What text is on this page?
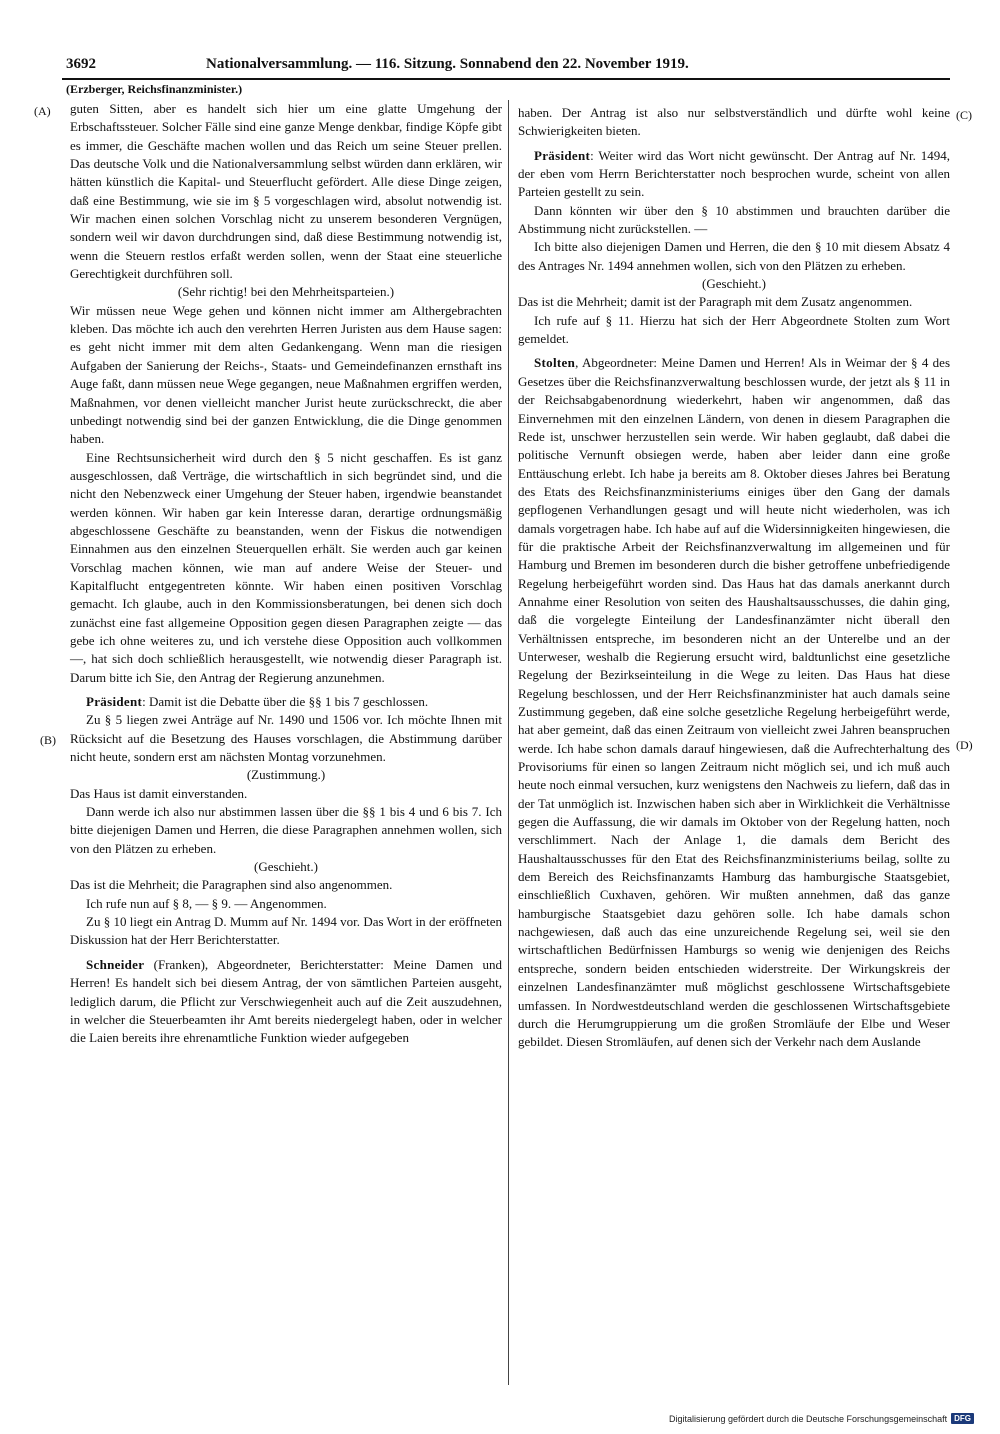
3692	Nationalversammlung. — 116. Sitzung. Sonnabend den 22. November 1919.
(Erzberger, Reichsfinanzminister.)
(A)
(B)
(C)
(D)

guten Sitten, aber es handelt sich hier um eine glatte Umgehung der Erbschaftssteuer. Solcher Fälle sind eine ganze Menge denkbar, findige Köpfe gibt es immer, die Geschäfte machen wollen und das Reich um seine Steuer prellen. Das deutsche Volk und die Nationalversammlung selbst würden dann erklären, wir hätten künstlich die Kapital- und Steuerflucht gefördert. Alle diese Dinge zeigen, daß eine Bestimmung, wie sie im § 5 vorgeschlagen wird, absolut notwendig ist. Wir machen einen solchen Vorschlag nicht zu unserem besonderen Vergnügen, sondern weil wir davon durchdrungen sind, daß diese Bestimmung notwendig ist, wenn die Steuern restlos erfaßt werden sollen, wenn der Staat eine steuerliche Gerechtigkeit durchführen soll.

(Sehr richtig! bei den Mehrheitsparteien.)

Wir müssen neue Wege gehen und können nicht immer am Althergebrachten kleben. Das möchte ich auch den verehrten Herren Juristen aus dem Hause sagen: es geht nicht immer mit dem alten Gedankengang. Wenn man die riesigen Aufgaben der Sanierung der Reichs-, Staats- und Gemeindefinanzen ernsthaft ins Auge faßt, dann müssen neue Wege gegangen, neue Maßnahmen ergriffen werden, Maßnahmen, vor denen vielleicht mancher Jurist heute zurückschreckt, die aber unbedingt notwendig sind bei der ganzen Entwicklung, die die Dinge genommen haben.

Eine Rechtsunsicherheit wird durch den § 5 nicht geschaffen. Es ist ganz ausgeschlossen, daß Verträge, die wirtschaftlich in sich begründet sind, und die nicht den Nebenzweck einer Umgehung der Steuer haben, irgendwie beanstandet werden können. Wir haben gar kein Interesse daran, derartige ordnungsmäßig abgeschlossene Geschäfte zu beanstanden, wenn der Fiskus die notwendigen Einnahmen aus den einzelnen Steuerquellen erhält. Sie werden auch gar keinen Vorschlag machen können, wie man auf andere Weise der Steuer- und Kapitalflucht entgegentreten könnte. Wir haben einen positiven Vorschlag gemacht. Ich glaube, auch in den Kommissionsberatungen, bei denen sich doch zunächst eine fast allgemeine Opposition gegen diesen Paragraphen zeigte — das gebe ich ohne weiteres zu, und ich verstehe diese Opposition auch vollkommen —, hat sich doch schließlich herausgestellt, wie notwendig dieser Paragraph ist. Darum bitte ich Sie, den Antrag der Regierung anzunehmen.

Präsident: Damit ist die Debatte über die §§ 1 bis 7 geschlossen.

Zu § 5 liegen zwei Anträge auf Nr. 1490 und 1506 vor. Ich möchte Ihnen mit Rücksicht auf die Besetzung des Hauses vorschlagen, die Abstimmung darüber nicht heute, sondern erst am nächsten Montag vorzunehmen.

(Zustimmung.)

Das Haus ist damit einverstanden.

Dann werde ich also nur abstimmen lassen über die §§ 1 bis 4 und 6 bis 7. Ich bitte diejenigen Damen und Herren, die diese Paragraphen annehmen wollen, sich von den Plätzen zu erheben.

(Geschieht.)

Das ist die Mehrheit; die Paragraphen sind also angenommen.

Ich rufe nun auf § 8, — § 9. — Angenommen.

Zu § 10 liegt ein Antrag D. Mumm auf Nr. 1494 vor. Das Wort in der eröffneten Diskussion hat der Herr Berichterstatter.

Schneider (Franken), Abgeordneter, Berichterstatter: Meine Damen und Herren! Es handelt sich bei diesem Antrag, der von sämtlichen Parteien ausgeht, lediglich darum, die Pflicht zur Verschwiegenheit auch auf die Zeit auszudehnen, in welcher die Steuerbeamten ihr Amt bereits niedergelegt haben, oder in welcher die Laien bereits ihre ehrenamtliche Funktion wieder aufgegeben

haben. Der Antrag ist also nur selbstverständlich und dürfte wohl keine Schwierigkeiten bieten.

Präsident: Weiter wird das Wort nicht gewünscht. Der Antrag auf Nr. 1494, der eben vom Herrn Berichterstatter noch besprochen wurde, scheint von allen Parteien gestellt zu sein.

Dann könnten wir über den § 10 abstimmen und brauchten darüber die Abstimmung nicht zurückstellen. —

Ich bitte also diejenigen Damen und Herren, die den § 10 mit diesem Absatz 4 des Antrages Nr. 1494 annehmen wollen, sich von den Plätzen zu erheben.

(Geschieht.)

Das ist die Mehrheit; damit ist der Paragraph mit dem Zusatz angenommen.

Ich rufe auf § 11. Hierzu hat sich der Herr Abgeordnete Stolten zum Wort gemeldet.

Stolten, Abgeordneter: Meine Damen und Herren! Als in Weimar der § 4 des Gesetzes über die Reichsfinanzverwaltung beschlossen wurde, der jetzt als § 11 in der Reichsabgabenordnung wiederkehrt, haben wir angenommen, daß das Einvernehmen mit den einzelnen Ländern, von denen in diesem Paragraphen die Rede ist, unschwer herzustellen sein werde. Wir haben geglaubt, daß dabei die politische Vernunft obsiegen werde, haben aber leider dann eine große Enttäuschung erlebt. Ich habe ja bereits am 8. Oktober dieses Jahres bei Beratung des Etats des Reichsfinanzministeriums einiges über den Gang der damals gepflogenen Verhandlungen gesagt und will heute nicht wiederholen, was ich damals vorgetragen habe. Ich habe auf auf die Widersinnigkeiten hingewiesen, die für die praktische Arbeit der Reichsfinanzverwaltung im allgemeinen und für Hamburg und Bremen im besonderen durch die bisher getroffene unbefriedigende Regelung herbeigeführt worden sind. Das Haus hat das damals anerkannt durch Annahme einer Resolution von seiten des Haushaltsausschusses, die dahin ging, daß die vorgelegte Einteilung der Landesfinanzämter nicht überall den Verhältnissen entspreche, im besonderen nicht an der Unterelbe und an der Unterweser, weshalb die Regierung ersucht wird, baldtunlichst eine gesetzliche Regelung der Bezirkseinteilung in die Wege zu leiten. Das Haus hat diese Regelung beschlossen, und der Herr Reichsfinanzminister hat auch damals seine Zustimmung gegeben, daß eine solche gesetzliche Regelung herbeigeführt werde, hat aber gemeint, daß das einen Zeitraum von vielleicht zwei Jahren beanspruchen werde. Ich habe schon damals darauf hingewiesen, daß die Aufrechterhaltung des Provisoriums für einen so langen Zeitraum nicht möglich sei, und ich muß auch heute noch einmal versuchen, kurz wenigstens den Nachweis zu liefern, daß das in der Tat unmöglich ist. Inzwischen haben sich aber in Wirklichkeit die Verhältnisse gegen die Auffassung, die wir damals im Oktober von der Regelung hatten, noch verschlimmert. Nach der Anlage 1, die damals dem Bericht des Haushaltausschusses für den Etat des Reichsfinanzministeriums beilag, sollte zu dem Bereich des Reichsfinanzamts Hamburg das hamburgische Staatsgebiet, einschließlich Cuxhaven, gehören. Wir mußten annehmen, daß das ganze hamburgische Staatsgebiet dazu gehören solle. Ich habe damals schon nachgewiesen, daß auch das eine unzureichende Regelung sei, weil sie den wirtschaftlichen Bedürfnissen Hamburgs so wenig wie denjenigen des Reichs entspreche, sondern beiden entschieden widerstreite. Der Wirkungskreis der einzelnen Landesfinanzämter muß möglichst geschlossene Wirtschaftsgebiete umfassen. In Nordwestdeutschland werden die geschlossenen Wirtschaftsgebiete durch die Herumgruppierung um die großen Stromläufe der Elbe und Weser gebildet. Diesen Stromläufen, auf denen sich der Verkehr nach dem Auslande

Digitalisierung gefördert durch die Deutsche Forschungsgemeinschaft DFG
